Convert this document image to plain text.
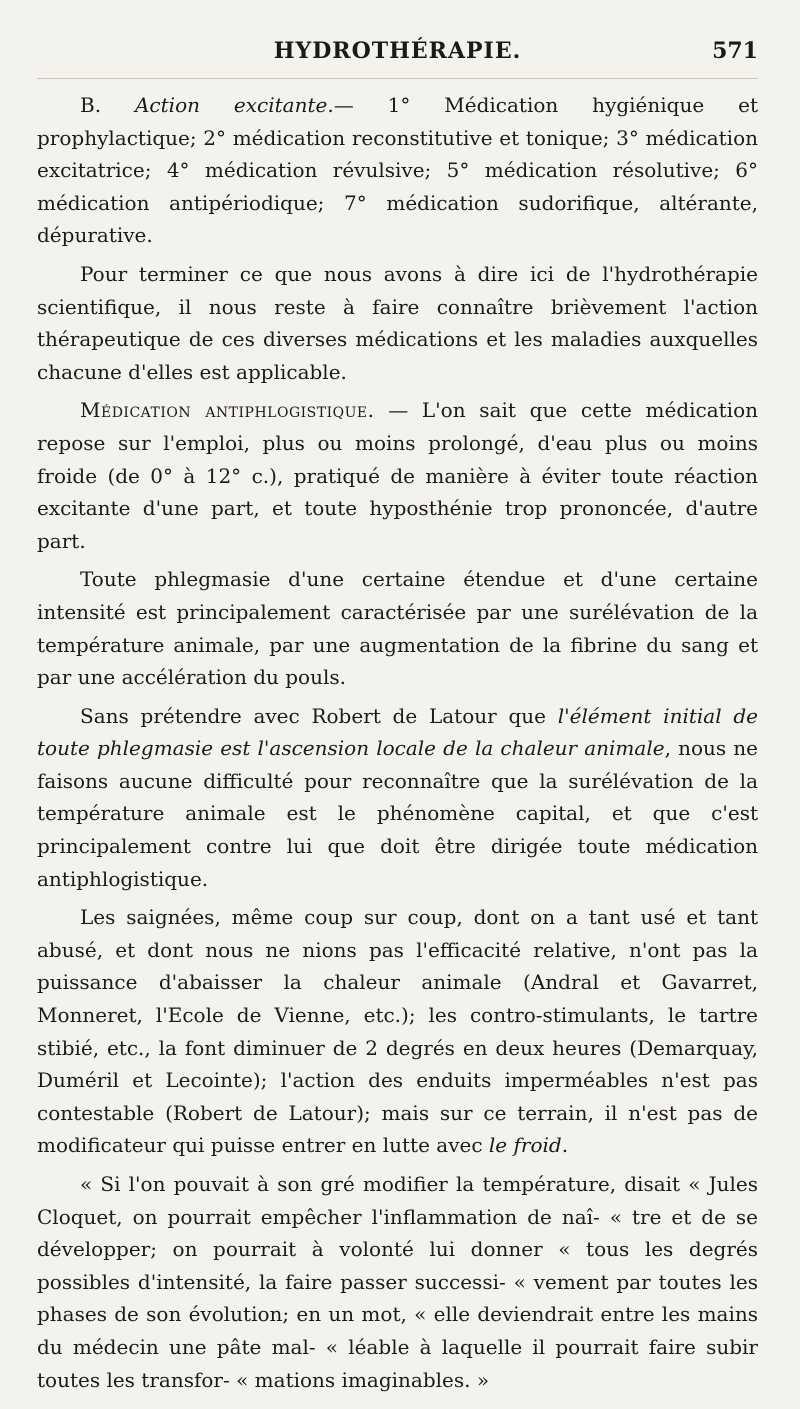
HYDROTHÉRAPIE.	571

B. Action excitante.— 1° Médication hygiénique et prophylactique; 2° médication reconstitutive et tonique; 3° médication excitatrice; 4° médication révulsive; 5° médication résolutive; 6° médication antipériodique; 7° médication sudorifique, altérante, dépurative.

Pour terminer ce que nous avons à dire ici de l'hydrothérapie scientifique, il nous reste à faire connaître brièvement l'action thérapeutique de ces diverses médications et les maladies auxquelles chacune d'elles est applicable.

Médication antiphlogistique. — L'on sait que cette médication repose sur l'emploi, plus ou moins prolongé, d'eau plus ou moins froide (de 0° à 12° c.), pratiqué de manière à éviter toute réaction excitante d'une part, et toute hyposthénie trop prononcée, d'autre part.

Toute phlegmasie d'une certaine étendue et d'une certaine intensité est principalement caractérisée par une surélévation de la température animale, par une augmentation de la fibrine du sang et par une accélération du pouls.

Sans prétendre avec Robert de Latour que l'élément initial de toute phlegmasie est l'ascension locale de la chaleur animale, nous ne faisons aucune difficulté pour reconnaître que la surélévation de la température animale est le phénomène capital, et que c'est principalement contre lui que doit être dirigée toute médication antiphlogistique.

Les saignées, même coup sur coup, dont on a tant usé et tant abusé, et dont nous ne nions pas l'efficacité relative, n'ont pas la puissance d'abaisser la chaleur animale (Andral et Gavarret, Monneret, l'Ecole de Vienne, etc.); les contro-stimulants, le tartre stibié, etc., la font diminuer de 2 degrés en deux heures (Demarquay, Duméril et Lecointe); l'action des enduits imperméables n'est pas contestable (Robert de Latour); mais sur ce terrain, il n'est pas de modificateur qui puisse entrer en lutte avec le froid.

« Si l'on pouvait à son gré modifier la température, disait « Jules Cloquet, on pourrait empêcher l'inflammation de naî- « tre et de se développer; on pourrait à volonté lui donner « tous les degrés possibles d'intensité, la faire passer successi- « vement par toutes les phases de son évolution; en un mot, « elle deviendrait entre les mains du médecin une pâte mal- « léable à laquelle il pourrait faire subir toutes les transfor- « mations imaginables. »
